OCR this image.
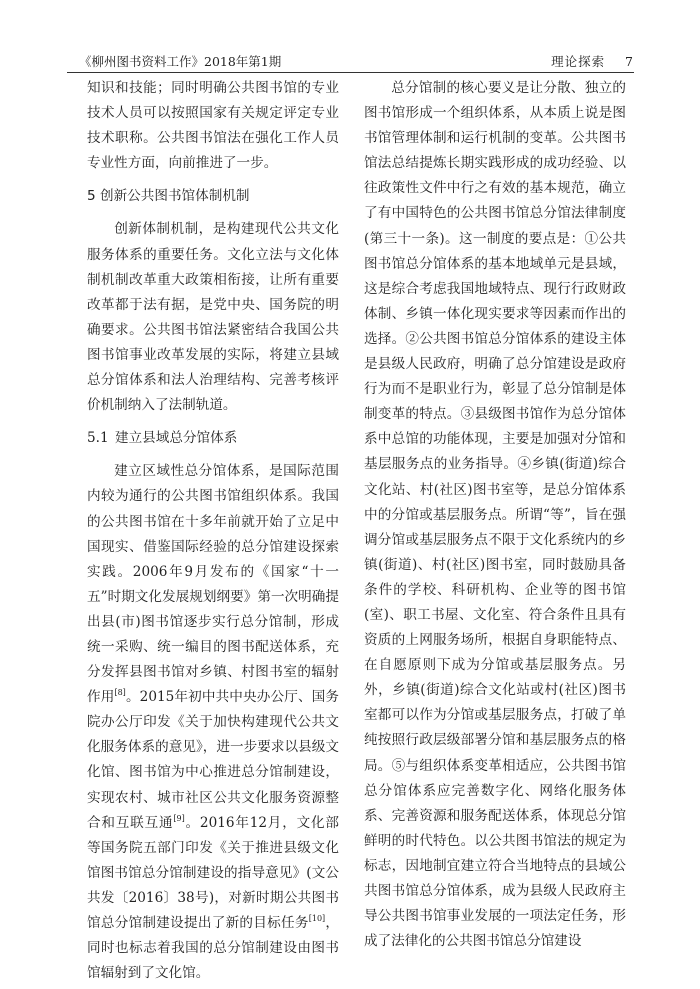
《柳州图书资料工作》2018年第1期	理论探索 7

知识和技能；同时明确公共图书馆的专业技术人员可以按照国家有关规定评定专业技术职称。公共图书馆法在强化工作人员专业性方面，向前推进了一步。

5 创新公共图书馆体制机制

创新体制机制，是构建现代公共文化服务体系的重要任务。文化立法与文化体制机制改革重大政策相衔接，让所有重要改革都于法有据，是党中央、国务院的明确要求。公共图书馆法紧密结合我国公共图书馆事业改革发展的实际，将建立县域总分馆体系和法人治理结构、完善考核评价机制纳入了法制轨道。

5.1 建立县域总分馆体系

建立区域性总分馆体系，是国际范围内较为通行的公共图书馆组织体系。我国的公共图书馆在十多年前就开始了立足中国现实、借鉴国际经验的总分馆建设探索实践。2006年9月发布的《国家“十一五”时期文化发展规划纲要》第一次明确提出县(市)图书馆逐步实行总分馆制，形成统一采购、统一编目的图书配送体系，充分发挥县图书馆对乡镇、村图书室的辐射作用[8]。2015年初中共中央办公厅、国务院办公厅印发《关于加快构建现代公共文化服务体系的意见》，进一步要求以县级文化馆、图书馆为中心推进总分馆制建设，实现农村、城市社区公共文化服务资源整合和互联互通[9]。2016年12月，文化部等国务院五部门印发《关于推进县级文化馆图书馆总分馆制建设的指导意见》(文公共发〔2016〕38号)，对新时期公共图书馆总分馆制建设提出了新的目标任务[10]，同时也标志着我国的总分馆制建设由图书馆辐射到了文化馆。

总分馆制的核心要义是让分散、独立的图书馆形成一个组织体系，从本质上说是图书馆管理体制和运行机制的变革。公共图书馆法总结提炼长期实践形成的成功经验、以往政策性文件中行之有效的基本规范，确立了有中国特色的公共图书馆总分馆法律制度(第三十一条)。这一制度的要点是：①公共图书馆总分馆体系的基本地域单元是县域，这是综合考虑我国地域特点、现行行政财政体制、乡镇一体化现实要求等因素而作出的选择。②公共图书馆总分馆体系的建设主体是县级人民政府，明确了总分馆建设是政府行为而不是职业行为，彰显了总分馆制是体制变革的特点。③县级图书馆作为总分馆体系中总馆的功能体现，主要是加强对分馆和基层服务点的业务指导。④乡镇(街道)综合文化站、村(社区)图书室等，是总分馆体系中的分馆或基层服务点。所谓“等”，旨在强调分馆或基层服务点不限于文化系统内的乡镇(街道)、村(社区)图书室，同时鼓励具备条件的学校、科研机构、企业等的图书馆(室)、职工书屋、文化室、符合条件且具有资质的上网服务场所，根据自身职能特点、在自愿原则下成为分馆或基层服务点。另外，乡镇(街道)综合文化站或村(社区)图书室都可以作为分馆或基层服务点，打破了单纯按照行政层级部署分馆和基层服务点的格局。⑤与组织体系变革相适应，公共图书馆总分馆体系应完善数字化、网络化服务体系、完善资源和服务配送体系，体现总分馆鲜明的时代特色。以公共图书馆法的规定为标志，因地制宜建立符合当地特点的县域公共图书馆总分馆体系，成为县级人民政府主导公共图书馆事业发展的一项法定任务，形成了法律化的公共图书馆总分馆建设
